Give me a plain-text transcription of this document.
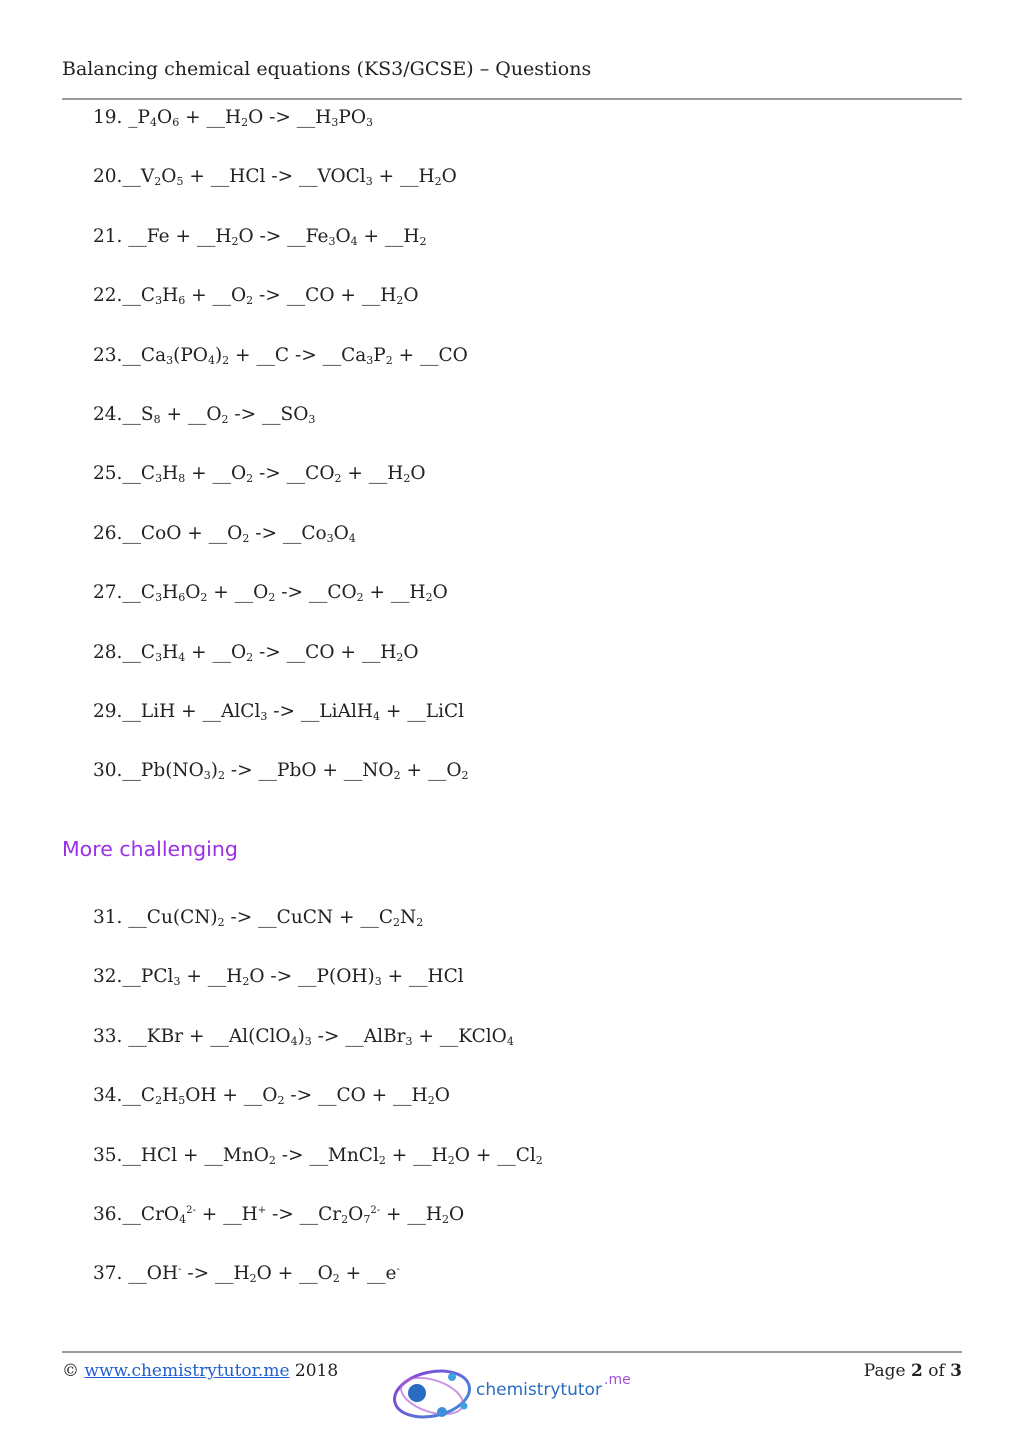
Balancing chemical equations (KS3/GCSE) – Questions
19. $\_P_4O_6$ + $\_\_H_2O$ -> $\_\_H_3PO_3$
$20.\_\_V_2O_5$ + __HCl -> __VOCl$_3$ + $\_\_H_2O$
21. __Fe + $\_\_H_2O$ -> $\_\_Fe_3O_4$ + $\_\_H_2$
$22.\_\_C_3H_6$ + $\_\_O_2$ -> __CO + $\_\_H_2O$
$23.\_\_Ca_3(PO_4)_2$ + __C -> $\_\_Ca_3P_2$ + __CO
$24.\_\_S_8$ + $\_\_O_2$ -> $\_\_SO_3$
$25.\_\_C_3H_8$ + $\_\_O_2$ -> $\_\_CO_2$ + $\_\_H_2O$
26.__CoO + $\_\_O_2$ -> $\_\_Co_3O_4$
$27.\_\_C_3H_6O_2$ + $\_\_O_2$ -> $\_\_CO_2$ + $\_\_H_2O$
$28.\_\_C_3H_4$ + $\_\_O_2$ -> __CO + $\_\_H_2O$
29.__LiH + __AlCl$_3$ -> __LiAlH$_4$ + __LiCl
$30.\_\_Pb(NO_3)_2$ -> __PbO + $\_\_NO_2$ + $\_\_O_2$
More challenging
31. $\_\_Cu(CN)_2$ -> __CuCN + $\_\_C_2N_2$
32.__PCl$_3$ + $\_\_H_2O$ -> $\_\_P(OH)_3$ + __HCl
33. __KBr + $\_\_Al(ClO_4)_3$ -> __AlBr$_3$ + __KClO$_4$
$34.\_\_C_2H_5OH$ + $\_\_O_2$ -> __CO + $\_\_H_2O$
35.__HCl + __MnO$_2$ -> __MnCl$_2$ + $\_\_H_2O$ + $\_\_Cl_2$
36.__CrO$_4^{2-}$ + __H+ -> $\_\_Cr_2O_7^{2-}$ + $\_\_H_2O$
37. __OH- -> $\_\_H_2O$ + $\_\_O_2$ + __e-
© www.chemistrytutor.me 2018
chemistrytutor .me	Page 2 of 3
